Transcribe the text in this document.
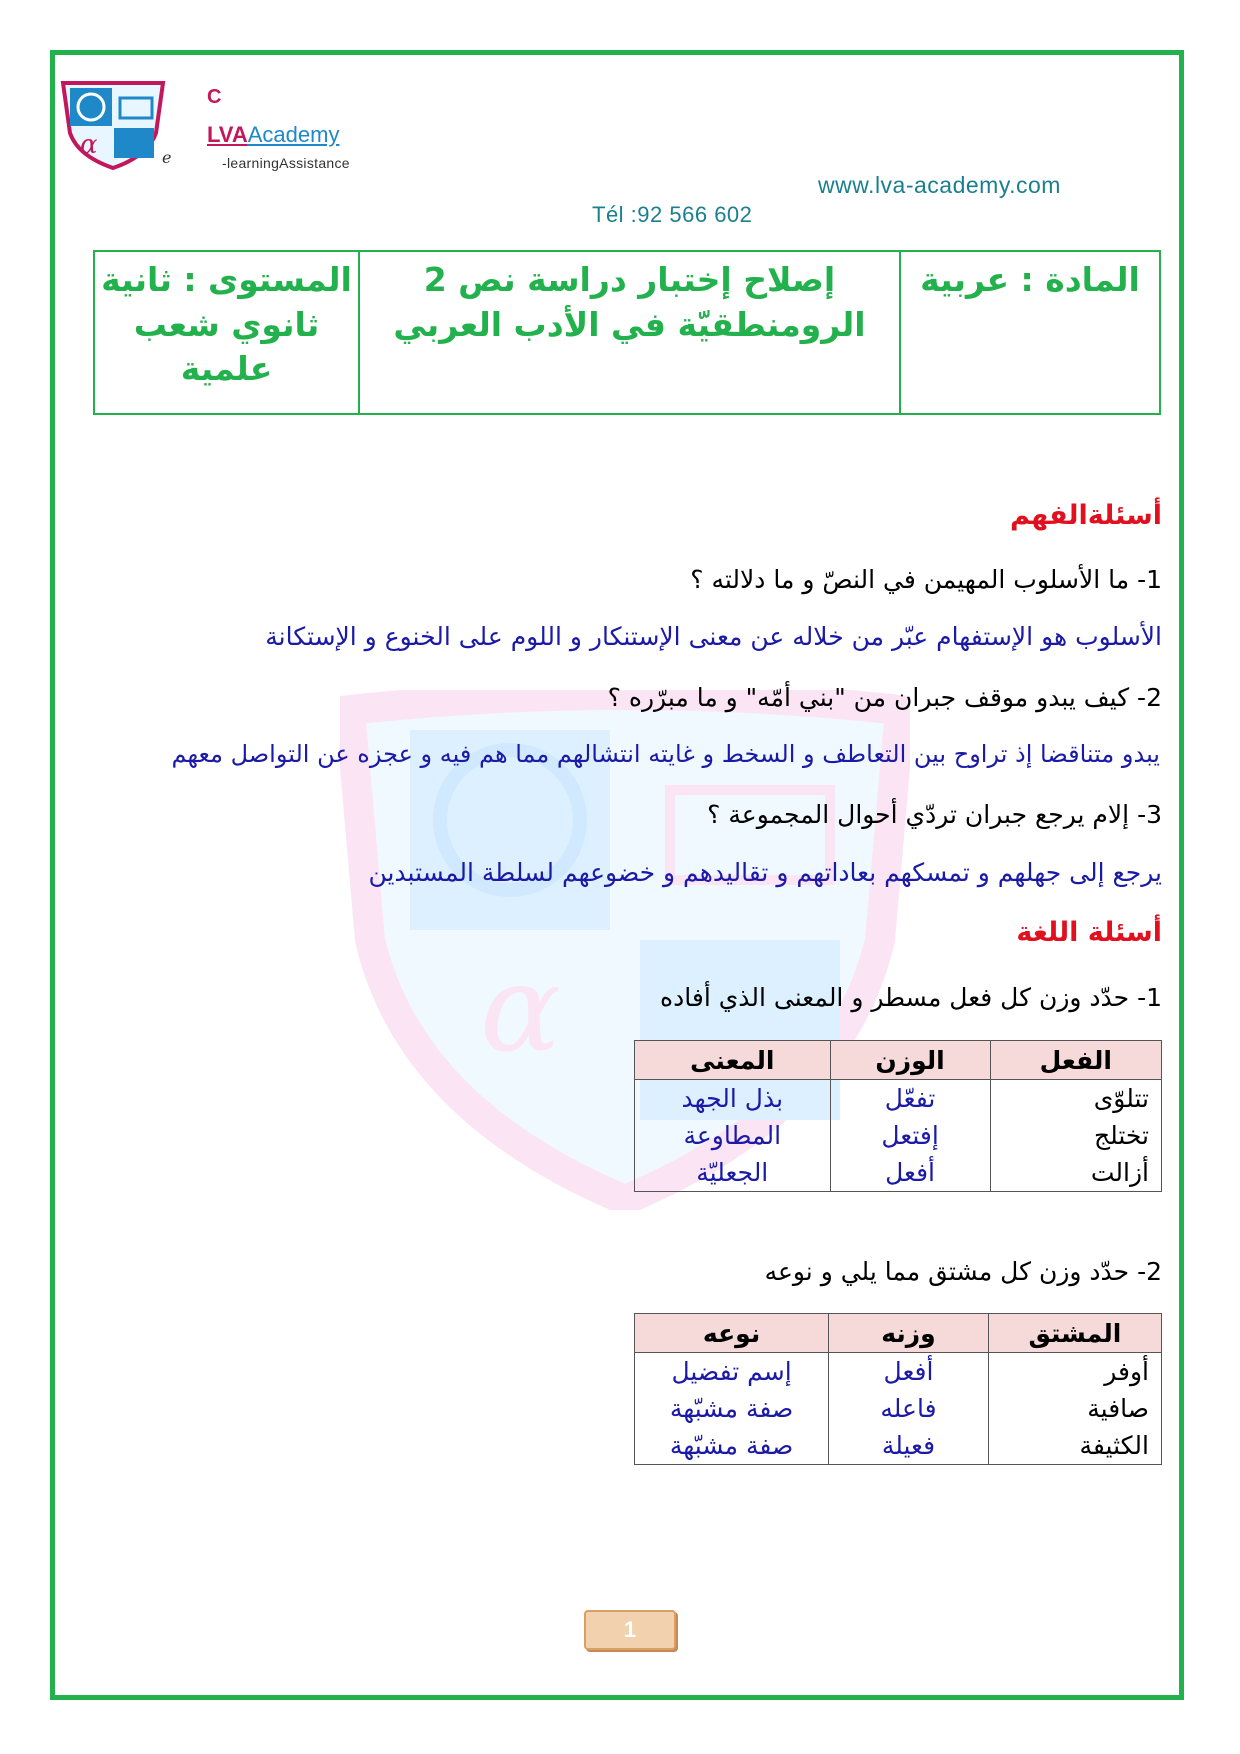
α
α	e
C
LVAAcademy
-learningAssistance
www.lva-academy.com
Tél :92 566 602
المستوى : ثانية
ثانوي شعب
علمية
إصلاح إختبار دراسة نص 2
الرومنطقيّة في الأدب العربي
المادة : عربية
أسئلةالفهم
1- ما الأسلوب المهيمن في النصّ و ما دلالته ؟
الأسلوب هو الإستفهام عبّر من خلاله عن معنى الإستنكار و اللوم على الخنوع و الإستكانة
2- كيف يبدو موقف جبران من "بني أمّه" و ما مبرّره ؟
يبدو متناقضا إذ تراوح بين التعاطف و السخط و غايته انتشالهم مما هم فيه و عجزه عن التواصل معهم
3- إلام يرجع جبران تردّي أحوال المجموعة ؟
يرجع إلى جهلهم و تمسكهم بعاداتهم و تقاليدهم و خضوعهم لسلطة المستبدين
أسئلة اللغة
1- حدّد وزن كل فعل مسطر و المعنى الذي أفاده
الفعل	الوزن	المعنى
تتلوّى	تفعّل	بذل الجهد
تختلج	إفتعل	المطاوعة
أزالت	أفعل	الجعليّة
2- حدّد وزن كل مشتق مما يلي و نوعه
المشتق	وزنه	نوعه
أوفر	أفعل	إسم تفضيل
صافية	فاعله	صفة مشبّهة
الكثيفة	فعيلة	صفة مشبّهة
1
